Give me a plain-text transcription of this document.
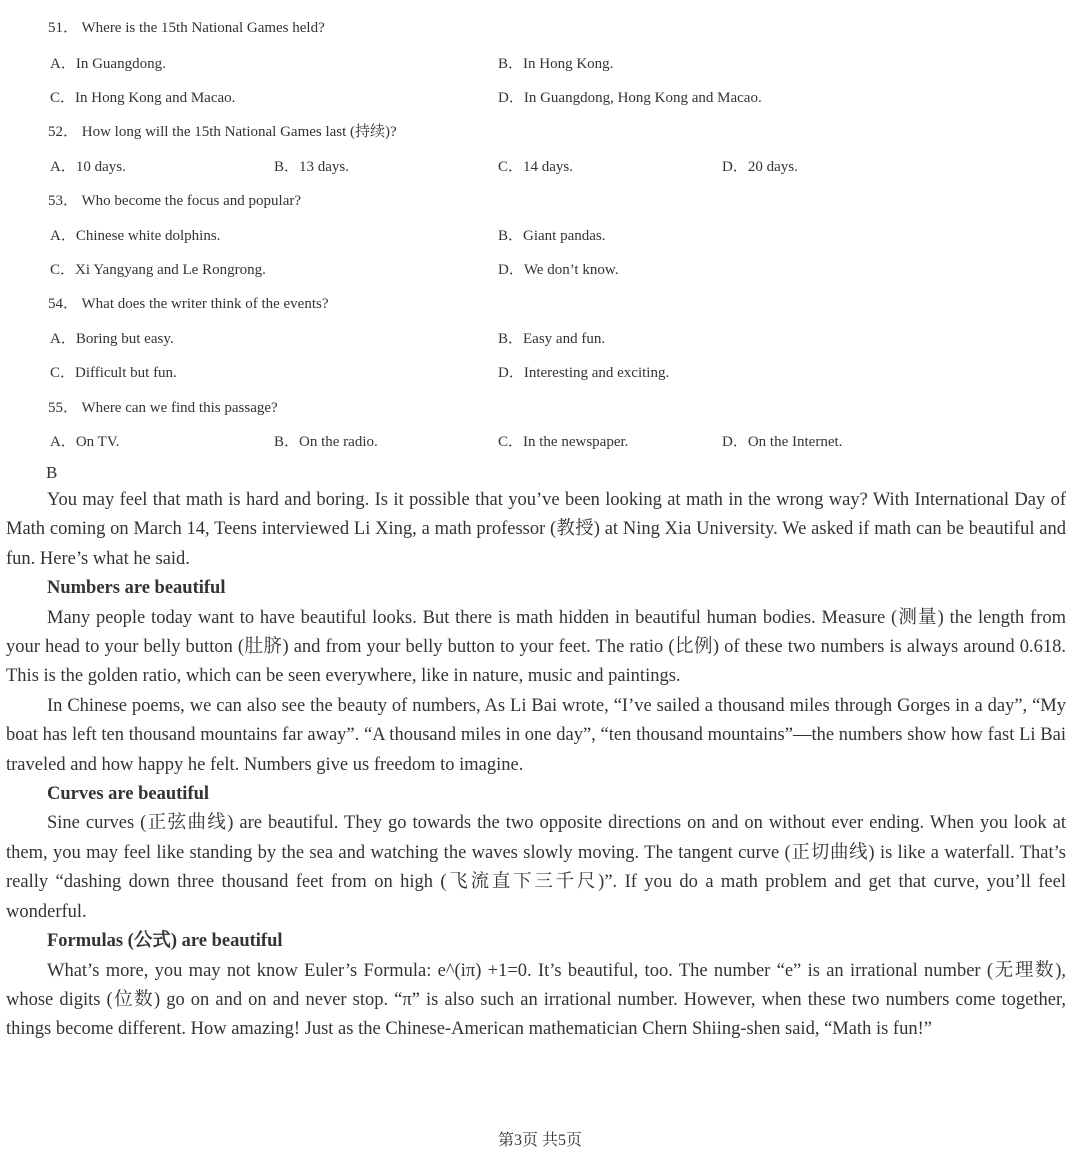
51． Where is the 15th National Games held?
A．In Guangdong.	B．In Hong Kong.
C．In Hong Kong and Macao.	D．In Guangdong, Hong Kong and Macao.
52． How long will the 15th National Games last (持续)?
A．10 days.	B．13 days.	C．14 days.	D．20 days.
53． Who become the focus and popular?
A．Chinese white dolphins.	B．Giant pandas.
C．Xi Yangyang and Le Rongrong.	D．We don’t know.
54． What does the writer think of the events?
A．Boring but easy.	B．Easy and fun.
C．Difficult but fun.	D．Interesting and exciting.
55． Where can we find this passage?
A．On TV.	B．On the radio.	C．In the newspaper.	D．On the Internet.
B

You may feel that math is hard and boring. Is it possible that you’ve been looking at math in the wrong way? With International Day of Math coming on March 14, Teens interviewed Li Xing, a math professor (教授) at Ning Xia University. We asked if math can be beautiful and fun. Here’s what he said.

Numbers are beautiful

Many people today want to have beautiful looks. But there is math hidden in beautiful human bodies. Measure (测量) the length from your head to your belly button (肚脐) and from your belly button to your feet. The ratio (比例) of these two numbers is always around 0.618. This is the golden ratio, which can be seen everywhere, like in nature, music and paintings.

In Chinese poems, we can also see the beauty of numbers, As Li Bai wrote, “I’ve sailed a thousand miles through Gorges in a day”, “My boat has left ten thousand mountains far away”. “A thousand miles in one day”, “ten thousand mountains”—the numbers show how fast Li Bai traveled and how happy he felt. Numbers give us freedom to imagine.

Curves are beautiful

Sine curves (正弦曲线) are beautiful. They go towards the two opposite directions on and on without ever ending. When you look at them, you may feel like standing by the sea and watching the waves slowly moving. The tangent curve (正切曲线) is like a waterfall. That’s really “dashing down three thousand feet from on high (飞流直下三千尺)”. If you do a math problem and get that curve, you’ll feel wonderful.

Formulas (公式) are beautiful

What’s more, you may not know Euler’s Formula: e^(iπ) +1=0. It’s beautiful, too. The number “e” is an irrational number (无理数), whose digits (位数) go on and on and never stop. “π” is also such an irrational number. However, when these two numbers come together, things become different. How amazing! Just as the Chinese-American mathematician Chern Shiing-shen said, “Math is fun!”

第3页 共5页
